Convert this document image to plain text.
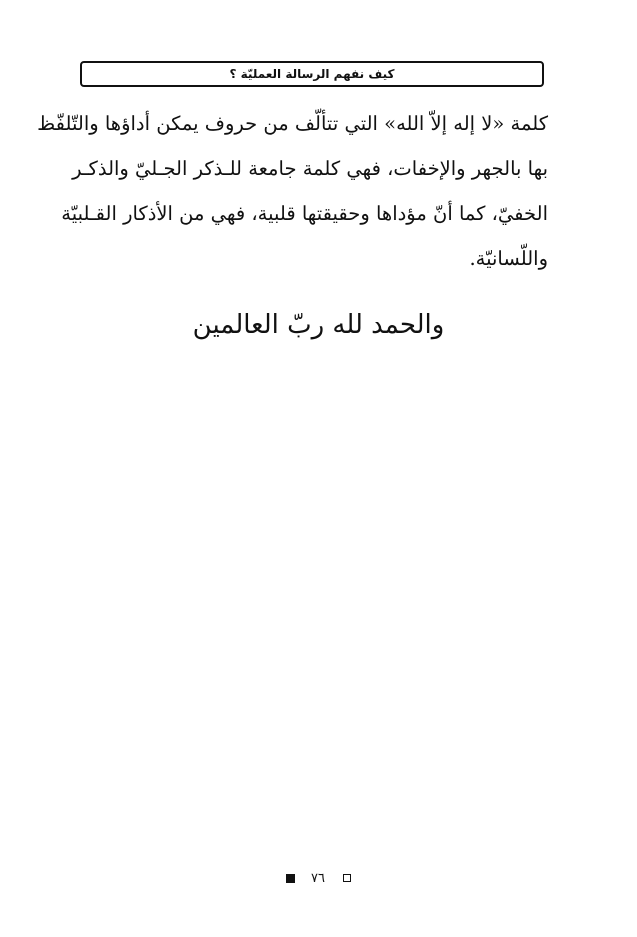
كيف نفهم الرسالة العمليّة ؟
كلمة «لا إله إلاّ الله» التي تتألّف من حروف يمكن أداؤها والتّلفّظ
بها بالجهر والإخفات، فهي كلمة جامعة للـذكر الجـليّ والذكـر
الخفيّ، كما أنّ مؤداها وحقيقتها قلبية، فهي من الأذكار القـلبيّة
واللّسانيّة.
والحمد لله ربّ العالمين
٧٦
